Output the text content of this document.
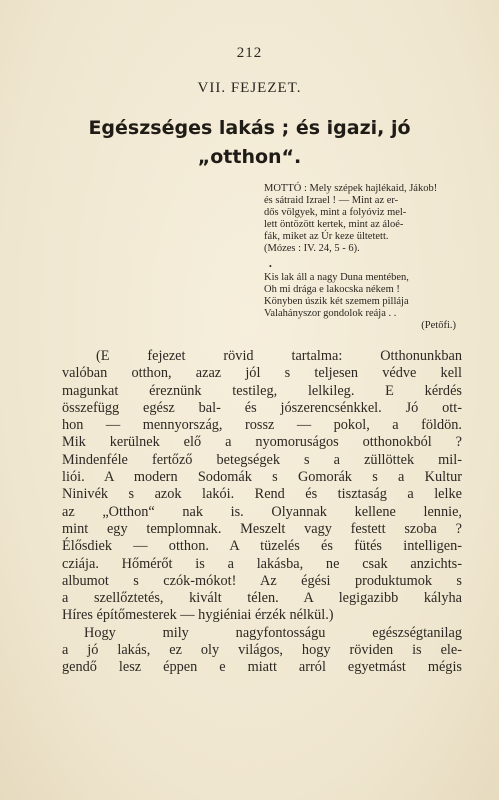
212
VII. FEJEZET.
Egészséges lakás ; és igazi, jó
„otthon“.
MOTTÓ : Mely szépek hajlékaid, Jákob!
és sátraid Izrael ! — Mint az er-
dős völgyek, mint a folyóviz mel-
lett öntözött kertek, mint az áloé-
fák, miket az Úr keze ültetett.
(Mózes : IV. 24, 5 - 6).
•
Kis lak áll a nagy Duna mentében,
Oh mi drága e lakocska nékem !
Könyben úszik két szemem pillája
Valahányszor gondolok reája . .
(Petőfi.)
(E fejezet rövid tartalma: Otthonunkban
valóban otthon, azaz jól s teljesen védve kell
magunkat éreznünk testileg, lelkileg. E kérdés
összefügg egész bal- és jószerencsénkkel. Jó ott-
hon — mennyország, rossz — pokol, a földön.
Mik kerülnek elő a nyomoruságos otthonokból ?
Mindenféle fertőző betegségek s a züllöttek mil-
liói. A modern Sodomák s Gomorák s a Kultur
Ninivék s azok lakói. Rend és tisztaság a lelke
az „Otthon“ nak is. Olyannak kellene lennie,
mint egy templomnak. Meszelt vagy festett szoba ?
Élősdiek — otthon. A tüzelés és fütés intelligen-
cziája. Hőmérőt is a lakásba, ne csak anzichts-
albumot s czók-mókot! Az égési produktumok s
a szellőztetés, kivált télen. A legigazibb kályha
Híres építőmesterek — hygiéniai érzék nélkül.)
Hogy mily nagyfontosságu egészségtanilag
a jó lakás, ez oly világos, hogy röviden is ele-
gendő lesz éppen e miatt arról egyetmást mégis
